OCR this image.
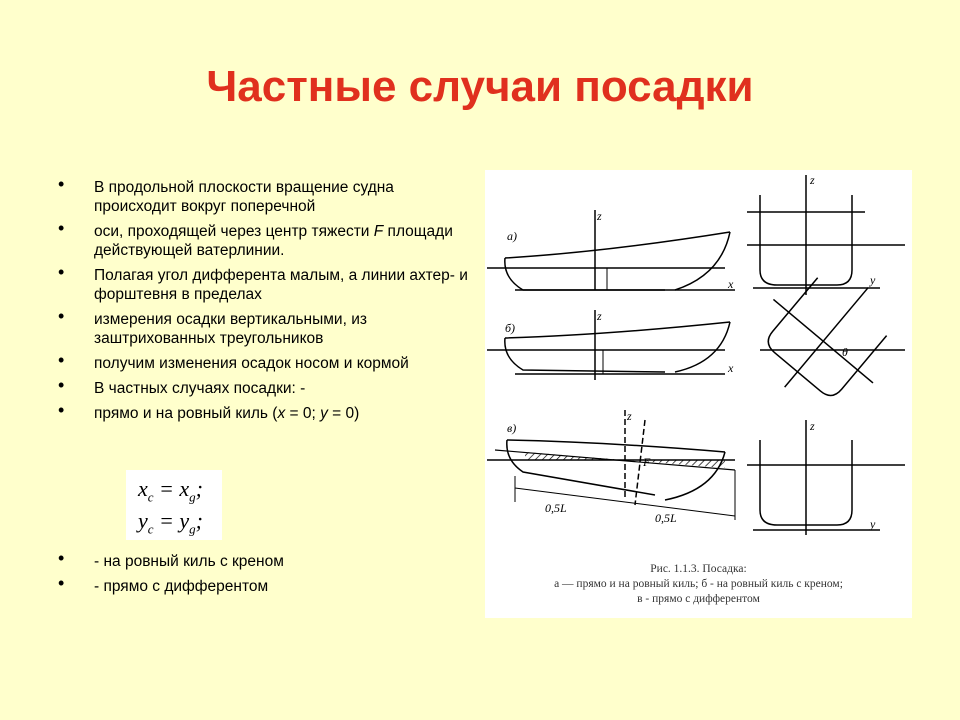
Частные случаи посадки
• В продольной плоскости вращение судна происходит вокруг поперечной
• оси, проходящей через центр тяжести F площади действующей ватерлинии.
• Полагая угол дифферента малым, а линии ахтер- и форштевня в пределах
• измерения осадки вертикальными, из заштрихованных треугольников
• получим изменения осадок носом и кормой
• В частных случаях посадки: -
• прямо и на ровный киль (x = 0; y = 0)
$x_c = x_g$;
$y_c = y_g$;
• - на ровный киль с креном
• - прямо с дифферентом
а)
б)
в)
z
x
z
y
z
x
θ
z
F
0,5L
0,5L
z
y
Рис. 1.1.3. Посадка:
а — прямо и на ровный киль; б - на ровный киль с креном;
в - прямо с дифферентом
